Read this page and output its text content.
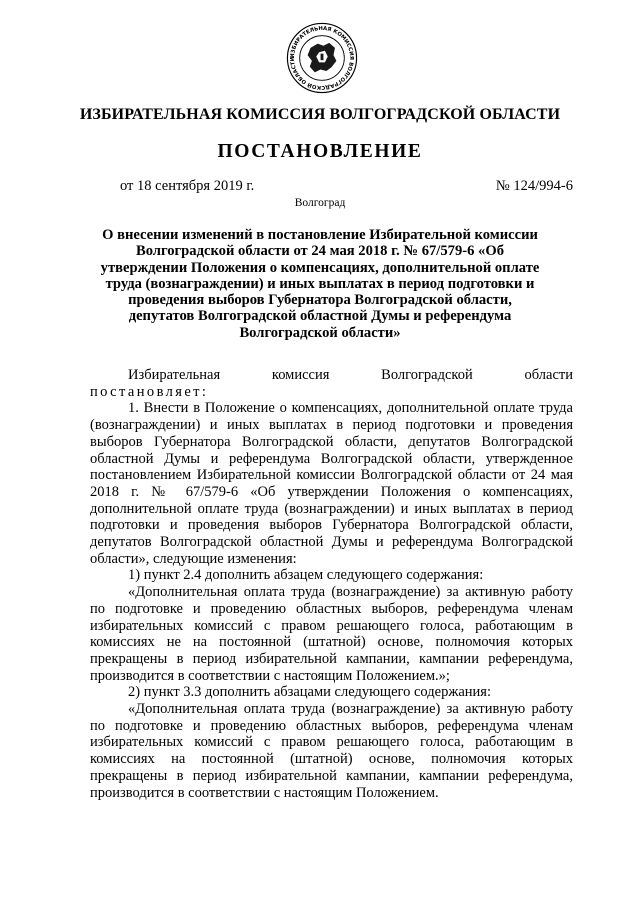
ИЗБИРАТЕЛЬНАЯ КОМИССИЯ ВОЛГОГРАДСКОЙ ОБЛАСТИ
ИЗБИРАТЕЛЬНАЯ КОМИССИЯ ВОЛГОГРАДСКОЙ ОБЛАСТИ
ПОСТАНОВЛЕНИЕ
от 18 сентября 2019 г.	№ 124/994-6
Волгоград
О внесении изменений в постановление Избирательной комиссии Волгоградской области от 24 мая 2018 г. № 67/579-6 «Об утверждении Положения о компенсациях, дополнительной оплате труда (вознаграждении) и иных выплатах в период подготовки и проведения выборов Губернатора Волгоградской области, депутатов Волгоградской областной Думы и референдума Волгоградской области»

Избирательная комиссия Волгоградской области

постановляет:

1. Внести в Положение о компенсациях, дополнительной оплате труда (вознаграждении) и иных выплатах в период подготовки и проведения выборов Губернатора Волгоградской области, депутатов Волгоградской областной Думы и референдума Волгоградской области, утвержденное постановлением Избирательной комиссии Волгоградской области от 24 мая 2018 г. № 67/579-6 «Об утверждении Положения о компенсациях, дополнительной оплате труда (вознаграждении) и иных выплатах в период подготовки и проведения выборов Губернатора Волгоградской области, депутатов Волгоградской областной Думы и референдума Волгоградской области», следующие изменения:

1) пункт 2.4 дополнить абзацем следующего содержания:

«Дополнительная оплата труда (вознаграждение) за активную работу по подготовке и проведению областных выборов, референдума членам избирательных комиссий с правом решающего голоса, работающим в комиссиях не на постоянной (штатной) основе, полномочия которых прекращены в период избирательной кампании, кампании референдума, производится в соответствии с настоящим Положением.»;

2) пункт 3.3 дополнить абзацами следующего содержания:

«Дополнительная оплата труда (вознаграждение) за активную работу по подготовке и проведению областных выборов, референдума членам избирательных комиссий с правом решающего голоса, работающим в комиссиях на постоянной (штатной) основе, полномочия которых прекращены в период избирательной кампании, кампании референдума, производится в соответствии с настоящим Положением.
